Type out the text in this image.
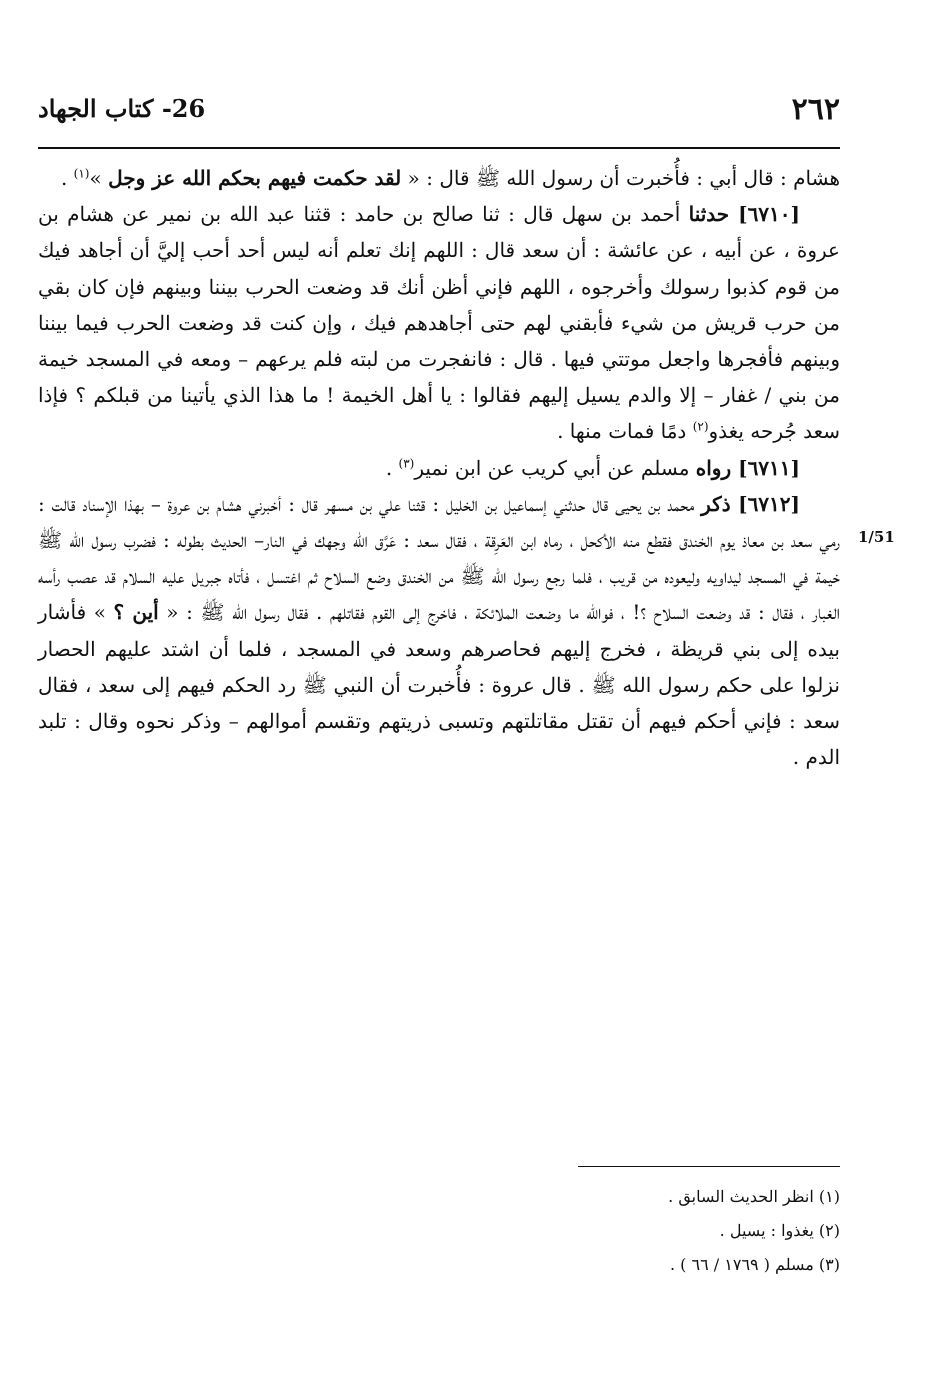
٢٦٢
26- كتاب الجهاد
1/51

هشام : قال أبي : فأُخبرت أن رسول الله ﷺ قال : « لقد حكمت فيهم بحكم الله عز وجل »$^{(١)}$ .

[٦٧١٠] حدثنا أحمد بن سهل قال : ثنا صالح بن حامد : قثنا عبد الله بن نمير عن هشام بن عروة ، عن أبيه ، عن عائشة : أن سعد قال : اللهم إنك تعلم أنه ليس أحد أحب إليَّ أن أجاهد فيك من قوم كذبوا رسولك وأخرجوه ، اللهم فإني أظن أنك قد وضعت الحرب بيننا وبينهم فإن كان بقي من حرب قريش من شيء فأبقني لهم حتى أجاهدهم فيك ، وإن كنت قد وضعت الحرب فيما بيننا وبينهم فأفجرها واجعل موتتي فيها . قال : فانفجرت من لبته فلم يرعهم – ومعه في المسجد خيمة من بني / غفار – إلا والدم يسيل إليهم فقالوا : يا أهل الخيمة ! ما هذا الذي يأتينا من قبلكم ؟ فإذا سعد جُرحه يغذو$^{(٢)}$ دمًا فمات منها .

[٦٧١١] رواه مسلم عن أبي كريب عن ابن نمير$^{(٣)}$ .

[٦٧١٢] ذكر محمد بن يحيى قال حدثني إسماعيل بن الخليل : قثنا علي بن مسهر قال : أخبرني هشام بن عروة – بهذا الإسناد قالت : رمي سعد بن معاذ يوم الخندق فقطع منه الأكحل ، رماه ابن العَرِقة ، فقال سعد : عَرَّق الله وجهك في النار– الحديث بطوله : فضرب رسول الله ﷺ خيمة في المسجد ليداويه وليعوده من قريب ، فلما رجع رسول الله ﷺ من الخندق وضع السلاح ثم اغتسل ، فأتاه جبريل عليه السلام قد عصب رأسه الغبار ، فقال : قد وضعت السلاح ؟! ، فوالله ما وضعت الملائكة ، فاخرج إلى القوم فقاتلهم . فقال رسول الله ﷺ : « أين ؟ » فأشار بيده إلى بني قريظة ، فخرج إليهم فحاصرهم وسعد في المسجد ، فلما أن اشتد عليهم الحصار نزلوا على حكم رسول الله ﷺ . قال عروة : فأُخبرت أن النبي ﷺ رد الحكم فيهم إلى سعد ، فقال سعد : فإني أحكم فيهم أن تقتل مقاتلتهم وتسبى ذريتهم وتقسم أموالهم – وذكر نحوه وقال : تلبد الدم .

(١) انظر الحديث السابق .

(٢) يغذوا : يسيل .

(٣) مسلم ( ١٧٦٩ / ٦٦ ) .
